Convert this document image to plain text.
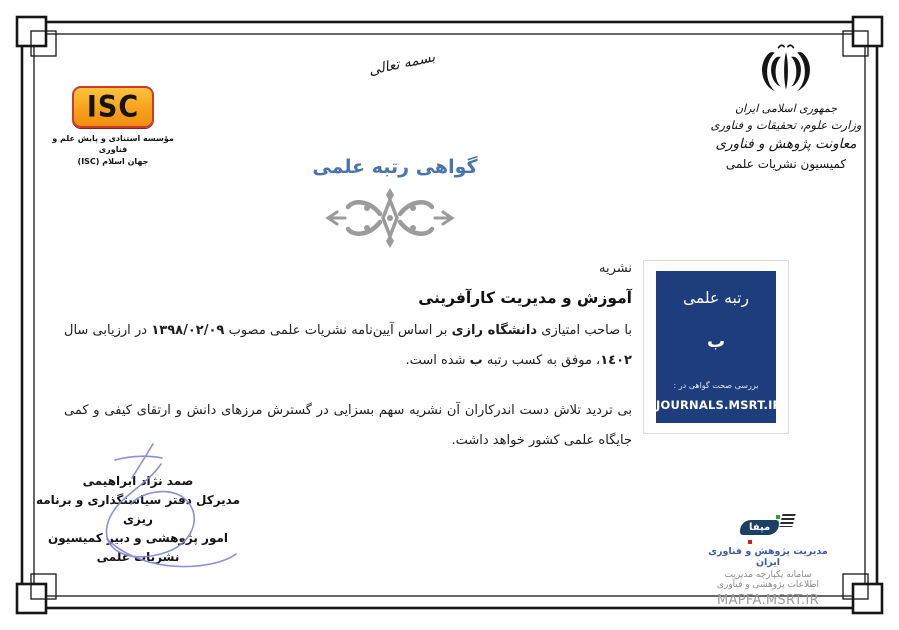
بسمه تعالی
ISC
مؤسسه استنادی و پایش علم و فناوری
جهان اسلام (ISC)
جمهوری اسلامی ایران
وزارت علوم، تحقیقات و فناوری
معاونت پژوهش و فناوری
کمیسیون نشریات علمی
گواهی رتبه علمی
نشریه
آموزش و مدیریت کارآفرینی
با صاحب امتیازی دانشگاه رازی بر اساس آیین‌نامه نشریات علمی مصوب ۱۳۹۸/۰۲/۰۹ در ارزیابی سال ١٤٠٢، موفق به کسب رتبه ب شده است.
بی تردید تلاش دست اندرکاران آن نشریه سهم بسزایی در گسترش مرزهای دانش و ارتقای کیفی و کمی جایگاه علمی کشور خواهد داشت.
رتبه علمی
ب
بررسی صحت گواهی در :
JOURNALS.MSRT.IR
صمد نژاد ابراهیمی
مدیرکل دفتر سیاستگذاری و برنامه ریزی
امور پژوهشی و دبیر کمیسیون
نشریات علمی
مپفا
مدیریت پژوهش و فناوری ایران
سامانه یکپارچه مدیریت
اطلاعات پژوهشی و فنآوری
MAPFA.MSRT.IR
